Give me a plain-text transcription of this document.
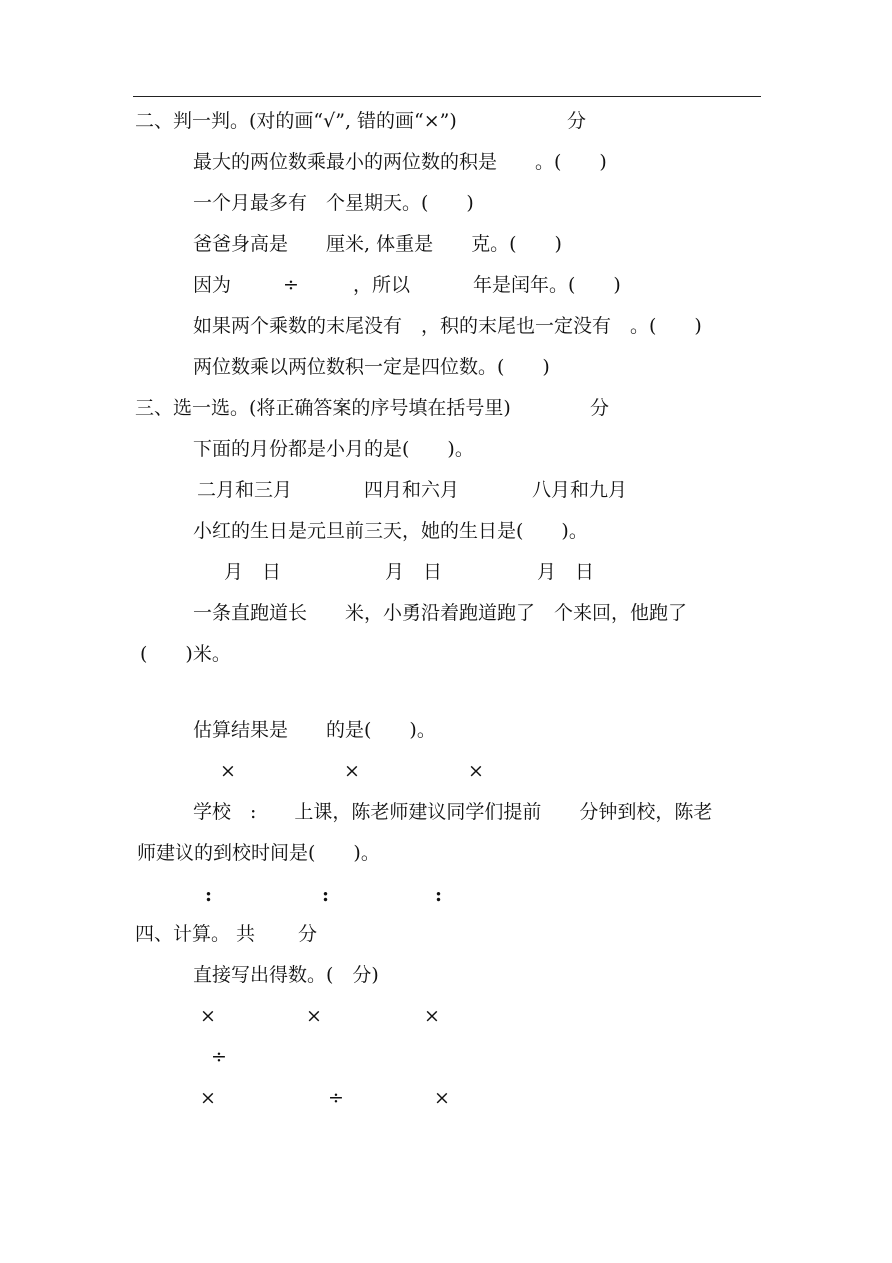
二、判一判。(对的画“√”, 错的画“×”)

	分

最大的两位数乘最小的两位数的积是　　。(　　)
一个月最多有　个星期天。(　　)
爸爸身高是　　厘米, 体重是　　克。(　　)

因为

	÷

	，所以

	年是闰年。(　　)

如果两个乘数的末尾没有　，积的末尾也一定没有　。(　　)
两位数乘以两位数积一定是四位数。(　　)

三、选一选。(将正确答案的序号填在括号里)

	分

下面的月份都是小月的是(　　)。

二月和三月

	四月和六月

	八月和九月

小红的生日是元旦前三天，她的生日是(　　)。

月　日

	月　日

	月　日

一条直跑道长　　米，小勇沿着跑道跑了　个来回，他跑了
(　　)米。
估算结果是　　的是(　　)。

×

	×

	×

学校　:　　上课，陈老师建议同学们提前　　分钟到校，陈老
师建议的到校时间是(　　)。

:

	:

	:

四、计算。 共

分

直接写出得数。(　分)

×

	×

	×

÷

×

	÷

	×
